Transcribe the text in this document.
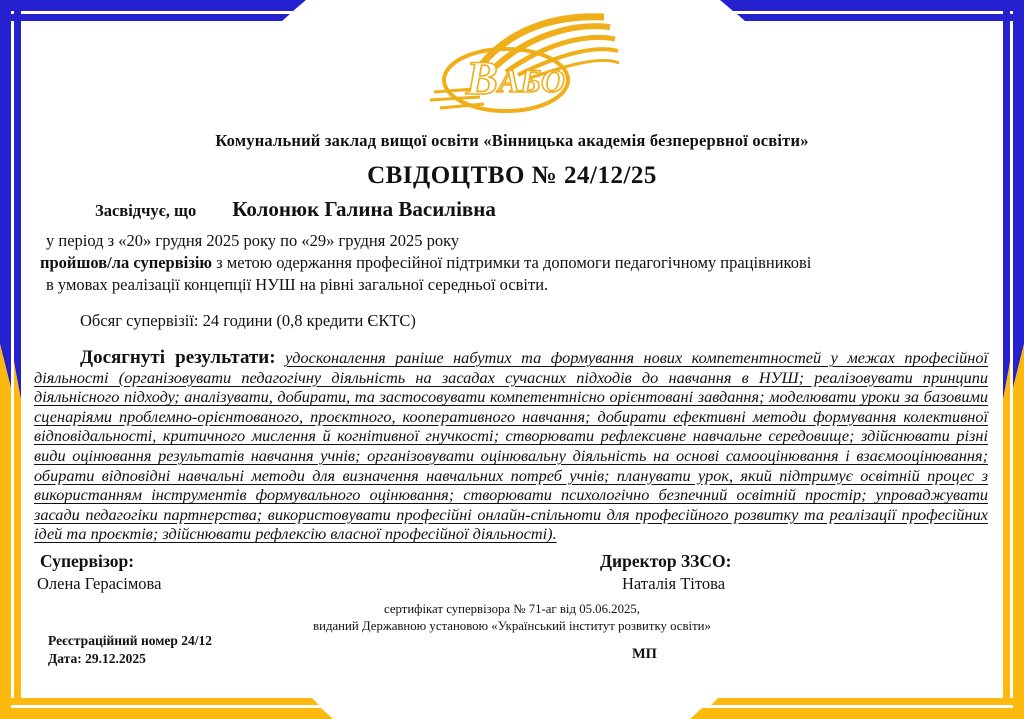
ВАБО
Комунальний заклад вищої освіти «Вінницька академія безперервної освіти»
СВІДОЦТВО № 24/12/25
Засвідчує, що Колонюк Галина Василівна
у період з «20» грудня 2025 року по «29» грудня 2025 року
пройшов/ла супервізію з метою одержання професійної підтримки та допомоги педагогічному працівникові
в умовах реалізації концепції НУШ на рівні загальної середньої освіти.
Обсяг супервізії: 24 години (0,8 кредити ЄКТС)
Досягнуті результати: удосконалення раніше набутих та формування нових компетентностей у межах професійної діяльності (організовувати педагогічну діяльність на засадах сучасних підходів до навчання в НУШ; реалізовувати принципи діяльнісного підходу; аналізувати, добирати, та застосовувати компетентнісно орієнтовані завдання; моделювати уроки за базовими сценаріями проблемно-орієнтованого, проєктного, кооперативного навчання; добирати ефективні методи формування колективної відповідальності, критичного мислення й когнітивної гнучкості; створювати рефлексивне навчальне середовище; здійснювати різні види оцінювання результатів навчання учнів; організовувати оцінювальну діяльність на основі самооцінювання і взаємооцінювання; обирати відповідні навчальні методи для визначення навчальних потреб учнів; планувати урок, який підтримує освітній процес з використанням інструментів формувального оцінювання; створювати психологічно безпечний освітній простір; упроваджувати засади педагогіки партнерства; використовувати професійні онлайн-спільноти для професійного розвитку та реалізації професійних ідей та проєктів; здійснювати рефлексію власної професійної діяльності).
Супервізор:
Олена Герасімова
Директор ЗЗСО:
Наталія Тітова
сертифікат супервізора № 71-аг від 05.06.2025,
виданий Державною установою «Український інститут розвитку освіти»
Реєстраційний номер 24/12
Дата: 29.12.2025	МП
